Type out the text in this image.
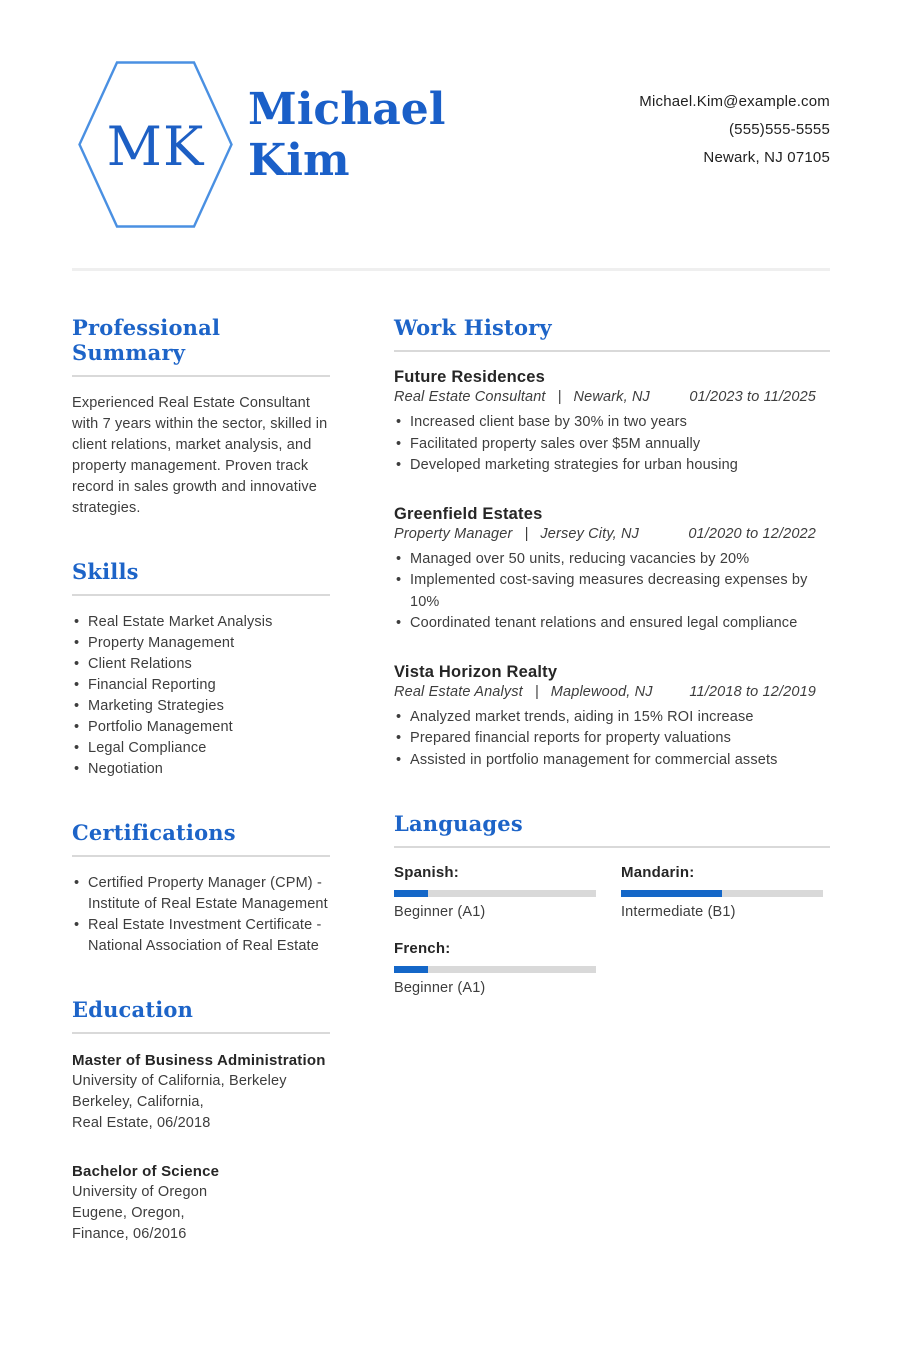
MK
Michael
Kim
Michael.Kim@example.com
(555)555-5555
Newark, NJ 07105
Professional Summary

Experienced Real Estate Consultant with 7 years within the sector, skilled in client relations, market analysis, and property management. Proven track record in sales growth and innovative strategies.

Skills
• Real Estate Market Analysis
• Property Management
• Client Relations
• Financial Reporting
• Marketing Strategies
• Portfolio Management
• Legal Compliance
• Negotiation
Certifications
• Certified Property Manager (CPM) - Institute of Real Estate Management
• Real Estate Investment Certificate - National Association of Real Estate
Education
Master of Business Administration
University of California, Berkeley
Berkeley, California,
Real Estate, 06/2018
Bachelor of Science
University of Oregon
Eugene, Oregon,
Finance, 06/2016
Work History
Future Residences
Real Estate Consultant | Newark, NJ	01/2023 to 11/2025
• Increased client base by 30% in two years
• Facilitated property sales over $5M annually
• Developed marketing strategies for urban housing
Greenfield Estates
Property Manager | Jersey City, NJ	01/2020 to 12/2022
• Managed over 50 units, reducing vacancies by 20%
• Implemented cost-saving measures decreasing expenses by 10%
• Coordinated tenant relations and ensured legal compliance
Vista Horizon Realty
Real Estate Analyst | Maplewood, NJ	11/2018 to 12/2019
• Analyzed market trends, aiding in 15% ROI increase
• Prepared financial reports for property valuations
• Assisted in portfolio management for commercial assets
Languages
Spanish:
Beginner (A1)
Mandarin:
Intermediate (B1)
French:
Beginner (A1)
